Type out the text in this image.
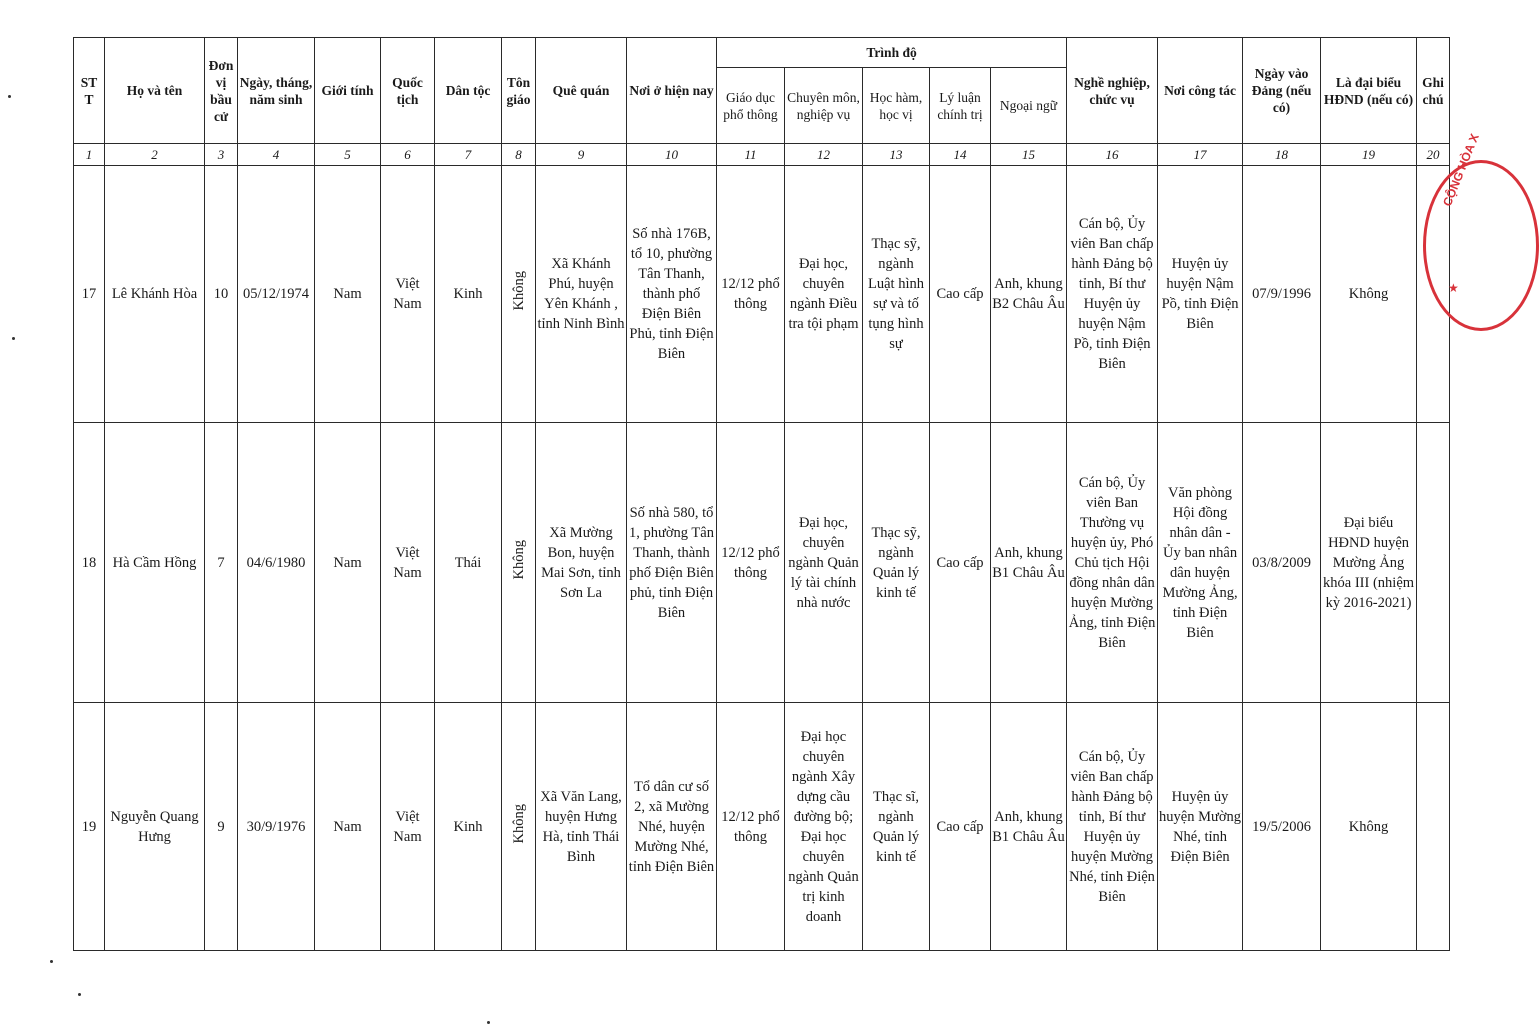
ST T	Họ và tên	Đơn vị bầu cử	Ngày, tháng, năm sinh	Giới tính	Quốc tịch	Dân tộc	Tôn giáo	Quê quán	Nơi ở hiện nay	Trình độ					Nghề nghiệp, chức vụ	Nơi công tác	Ngày vào Đảng (nếu có)	Là đại biểu HĐND (nếu có)	Ghi chú
										Giáo dục phổ thông	Chuyên môn, nghiệp vụ	Học hàm, học vị	Lý luận chính trị	Ngoại ngữ					
1	2	3	4	5	6	7	8	9	10	11	12	13	14	15	16	17	18	19	20
17	Lê Khánh Hòa	10	05/12/1974	Nam	Việt Nam	Kinh	Không	Xã Khánh Phú, huyện Yên Khánh , tỉnh Ninh Bình	Số nhà 176B, tổ 10, phường Tân Thanh, thành phố Điện Biên Phủ, tỉnh Điện Biên	12/12 phổ thông	Đại học, chuyên ngành Điều tra tội phạm	Thạc sỹ, ngành Luật hình sự và tố tụng hình sự	Cao cấp	Anh, khung B2 Châu Âu	Cán bộ, Ủy viên Ban chấp hành Đảng bộ tỉnh, Bí thư Huyện ủy huyện Nậm Pồ, tỉnh Điện Biên	Huyện ủy huyện Nậm Pồ, tỉnh Điện Biên	07/9/1996	Không	
18	Hà Cầm Hồng	7	04/6/1980	Nam	Việt Nam	Thái	Không	Xã Mường Bon, huyện Mai Sơn, tỉnh Sơn La	Số nhà 580, tổ 1, phường Tân Thanh, thành phố Điện Biên phủ, tỉnh Điện Biên	12/12 phổ thông	Đại học, chuyên ngành Quản lý tài chính nhà nước	Thạc sỹ, ngành Quản lý kinh tế	Cao cấp	Anh, khung B1 Châu Âu	Cán bộ, Ủy viên Ban Thường vụ huyện ủy, Phó Chủ tịch Hội đồng nhân dân huyện Mường Ảng, tỉnh Điện Biên	Văn phòng Hội đồng nhân dân - Ủy ban nhân dân huyện Mường Ảng, tỉnh Điện Biên	03/8/2009	Đại biểu HĐND huyện Mường Ảng khóa III (nhiệm kỳ 2016-2021)	
19	Nguyễn Quang Hưng	9	30/9/1976	Nam	Việt Nam	Kinh	Không	Xã Văn Lang, huyện Hưng Hà, tỉnh Thái Bình	Tổ dân cư số 2, xã Mường Nhé, huyện Mường Nhé, tỉnh Điện Biên	12/12 phổ thông	Đại học chuyên ngành Xây dựng cầu đường bộ; Đại học chuyên ngành Quản trị kinh doanh	Thạc sĩ, ngành Quản lý kinh tế	Cao cấp	Anh, khung B1 Châu Âu	Cán bộ, Ủy viên Ban chấp hành Đảng bộ tỉnh, Bí thư Huyện ủy huyện Mường Nhé, tỉnh Điện Biên	Huyện ủy huyện Mường Nhé, tỉnh Điện Biên	19/5/2006	Không	
CỘNG HÒA X
★
